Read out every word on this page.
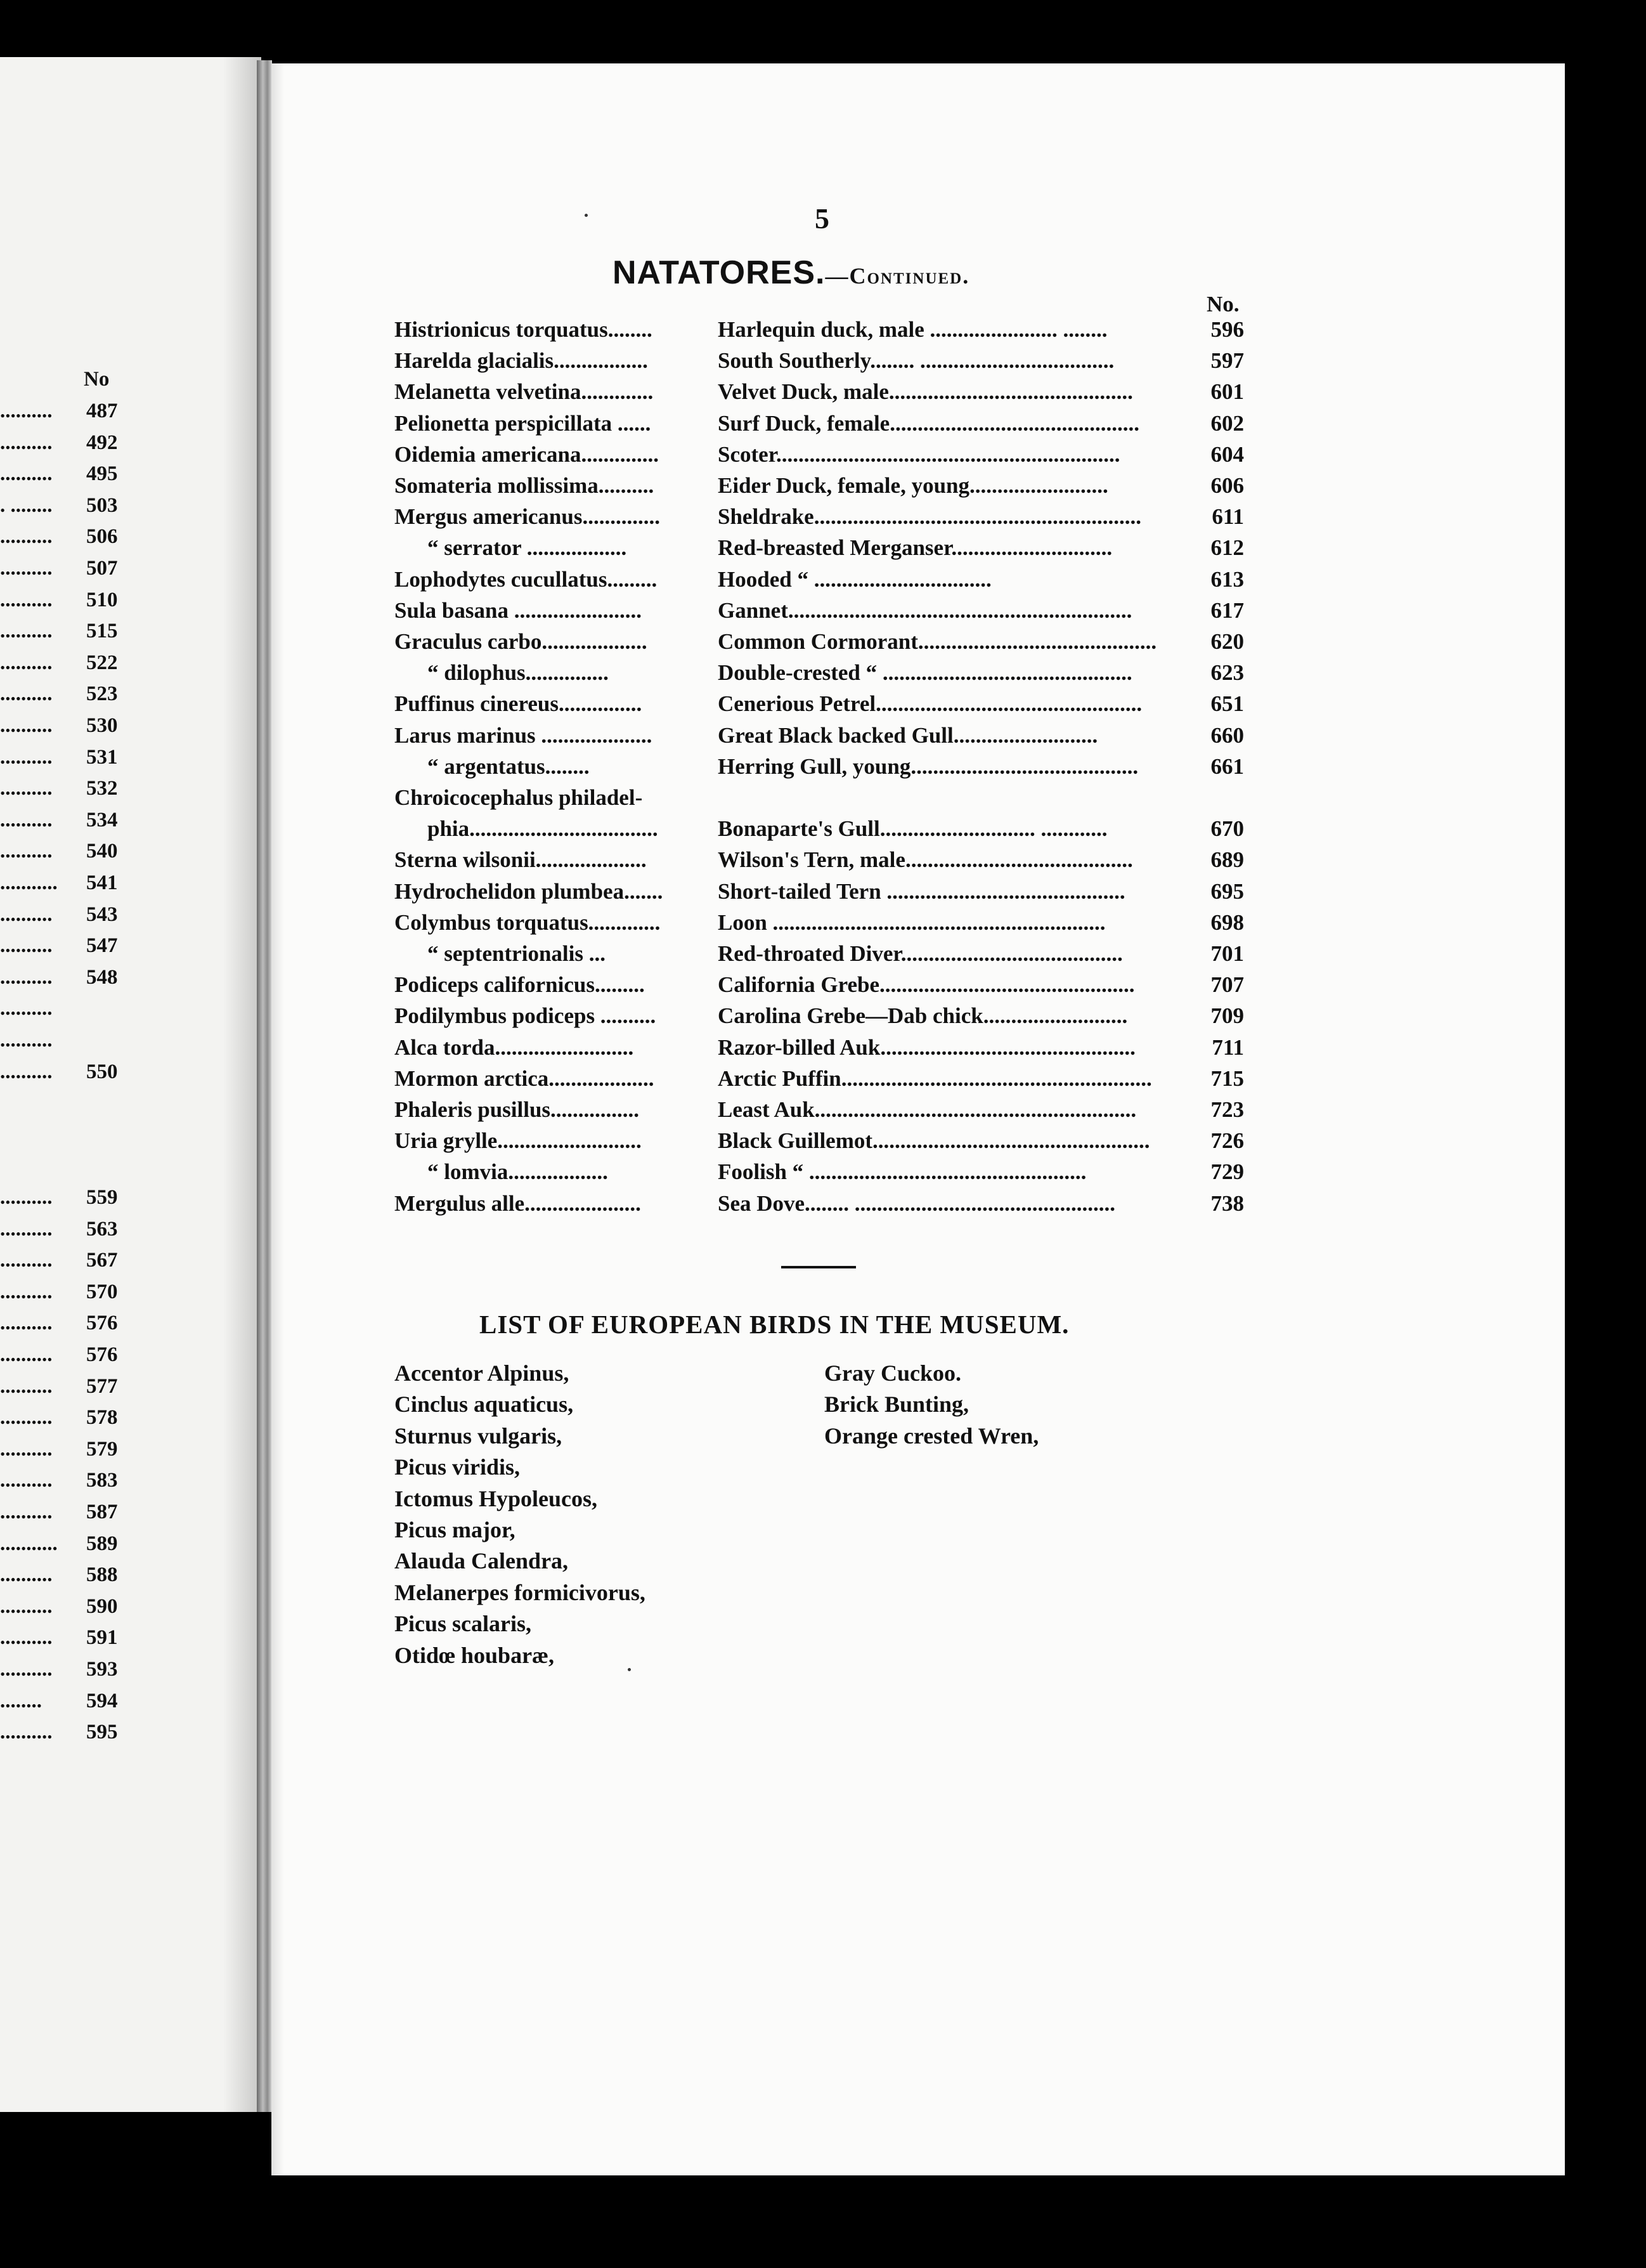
No
.......... 487
.......... 492
.......... 495
. ........ 503
.......... 506
.......... 507
.......... 510
.......... 515
.......... 522
.......... 523
.......... 530
.......... 531
.......... 532
.......... 534
.......... 540
........... 541
.......... 543
.......... 547
.......... 548
..........
..........
.......... 550
.......... 559
.......... 563
.......... 567
.......... 570
.......... 576
.......... 576
.......... 577
.......... 578
.......... 579
.......... 583
.......... 587
........... 589
.......... 588
.......... 590
.......... 591
.......... 593
........ 594
.......... 595
5
NATATORES.—Continued.
No.
Histrionicus torquatus........	Harlequin duck, male ....................... ........	596
Harelda glacialis.................	South Southerly........ ...................................	597
Melanetta velvetina.............	Velvet Duck, male............................................	601
Pelionetta perspicillata ......	Surf Duck, female.............................................	602
Oidemia americana..............	Scoter..............................................................	604
Somateria mollissima..........	Eider Duck, female, young.........................	606
Mergus americanus..............	Sheldrake...........................................................	611
“ serrator ..................	Red-breasted Merganser.............................	612
Lophodytes cucullatus.........	Hooded “ ................................	613
Sula basana .......................	Gannet..............................................................	617
Graculus carbo...................	Common Cormorant...........................................	620
“ dilophus...............	Double-crested “ .............................................	623
Puffinus cinereus...............	Cenerious Petrel................................................	651
Larus marinus ....................	Great Black backed Gull..........................	660
“ argentatus........	Herring Gull, young.........................................	661
Chroicocephalus philadel-
phia..................................	Bonaparte's Gull............................ ............	670
Sterna wilsonii....................	Wilson's Tern, male.........................................	689
Hydrochelidon plumbea....... Short-tailed Tern ...........................................	695
Colymbus torquatus.............	Loon ............................................................	698
“ septentrionalis ...	Red-throated Diver........................................	701
Podiceps californicus.........	California Grebe..............................................	707
Podilymbus podiceps ..........	Carolina Grebe—Dab chick..........................	709
Alca torda.........................	Razor-billed Auk..............................................	711
Mormon arctica...................	Arctic Puffin........................................................	715
Phaleris pusillus................	Least Auk..........................................................	723
Uria grylle..........................	Black Guillemot..................................................	726
“ lomvia..................	Foolish “ ..................................................	729
Mergulus alle.....................	Sea Dove........ ...............................................	738
LIST OF EUROPEAN BIRDS IN THE MUSEUM.
Accentor Alpinus,
Cinclus aquaticus,
Sturnus vulgaris,
Picus viridis,
Ictomus Hypoleucos,
Picus major,
Alauda Calendra,
Melanerpes formicivorus,
Picus scalaris,
Otidœ houbaræ,
Gray Cuckoo.
Brick Bunting,
Orange crested Wren,
